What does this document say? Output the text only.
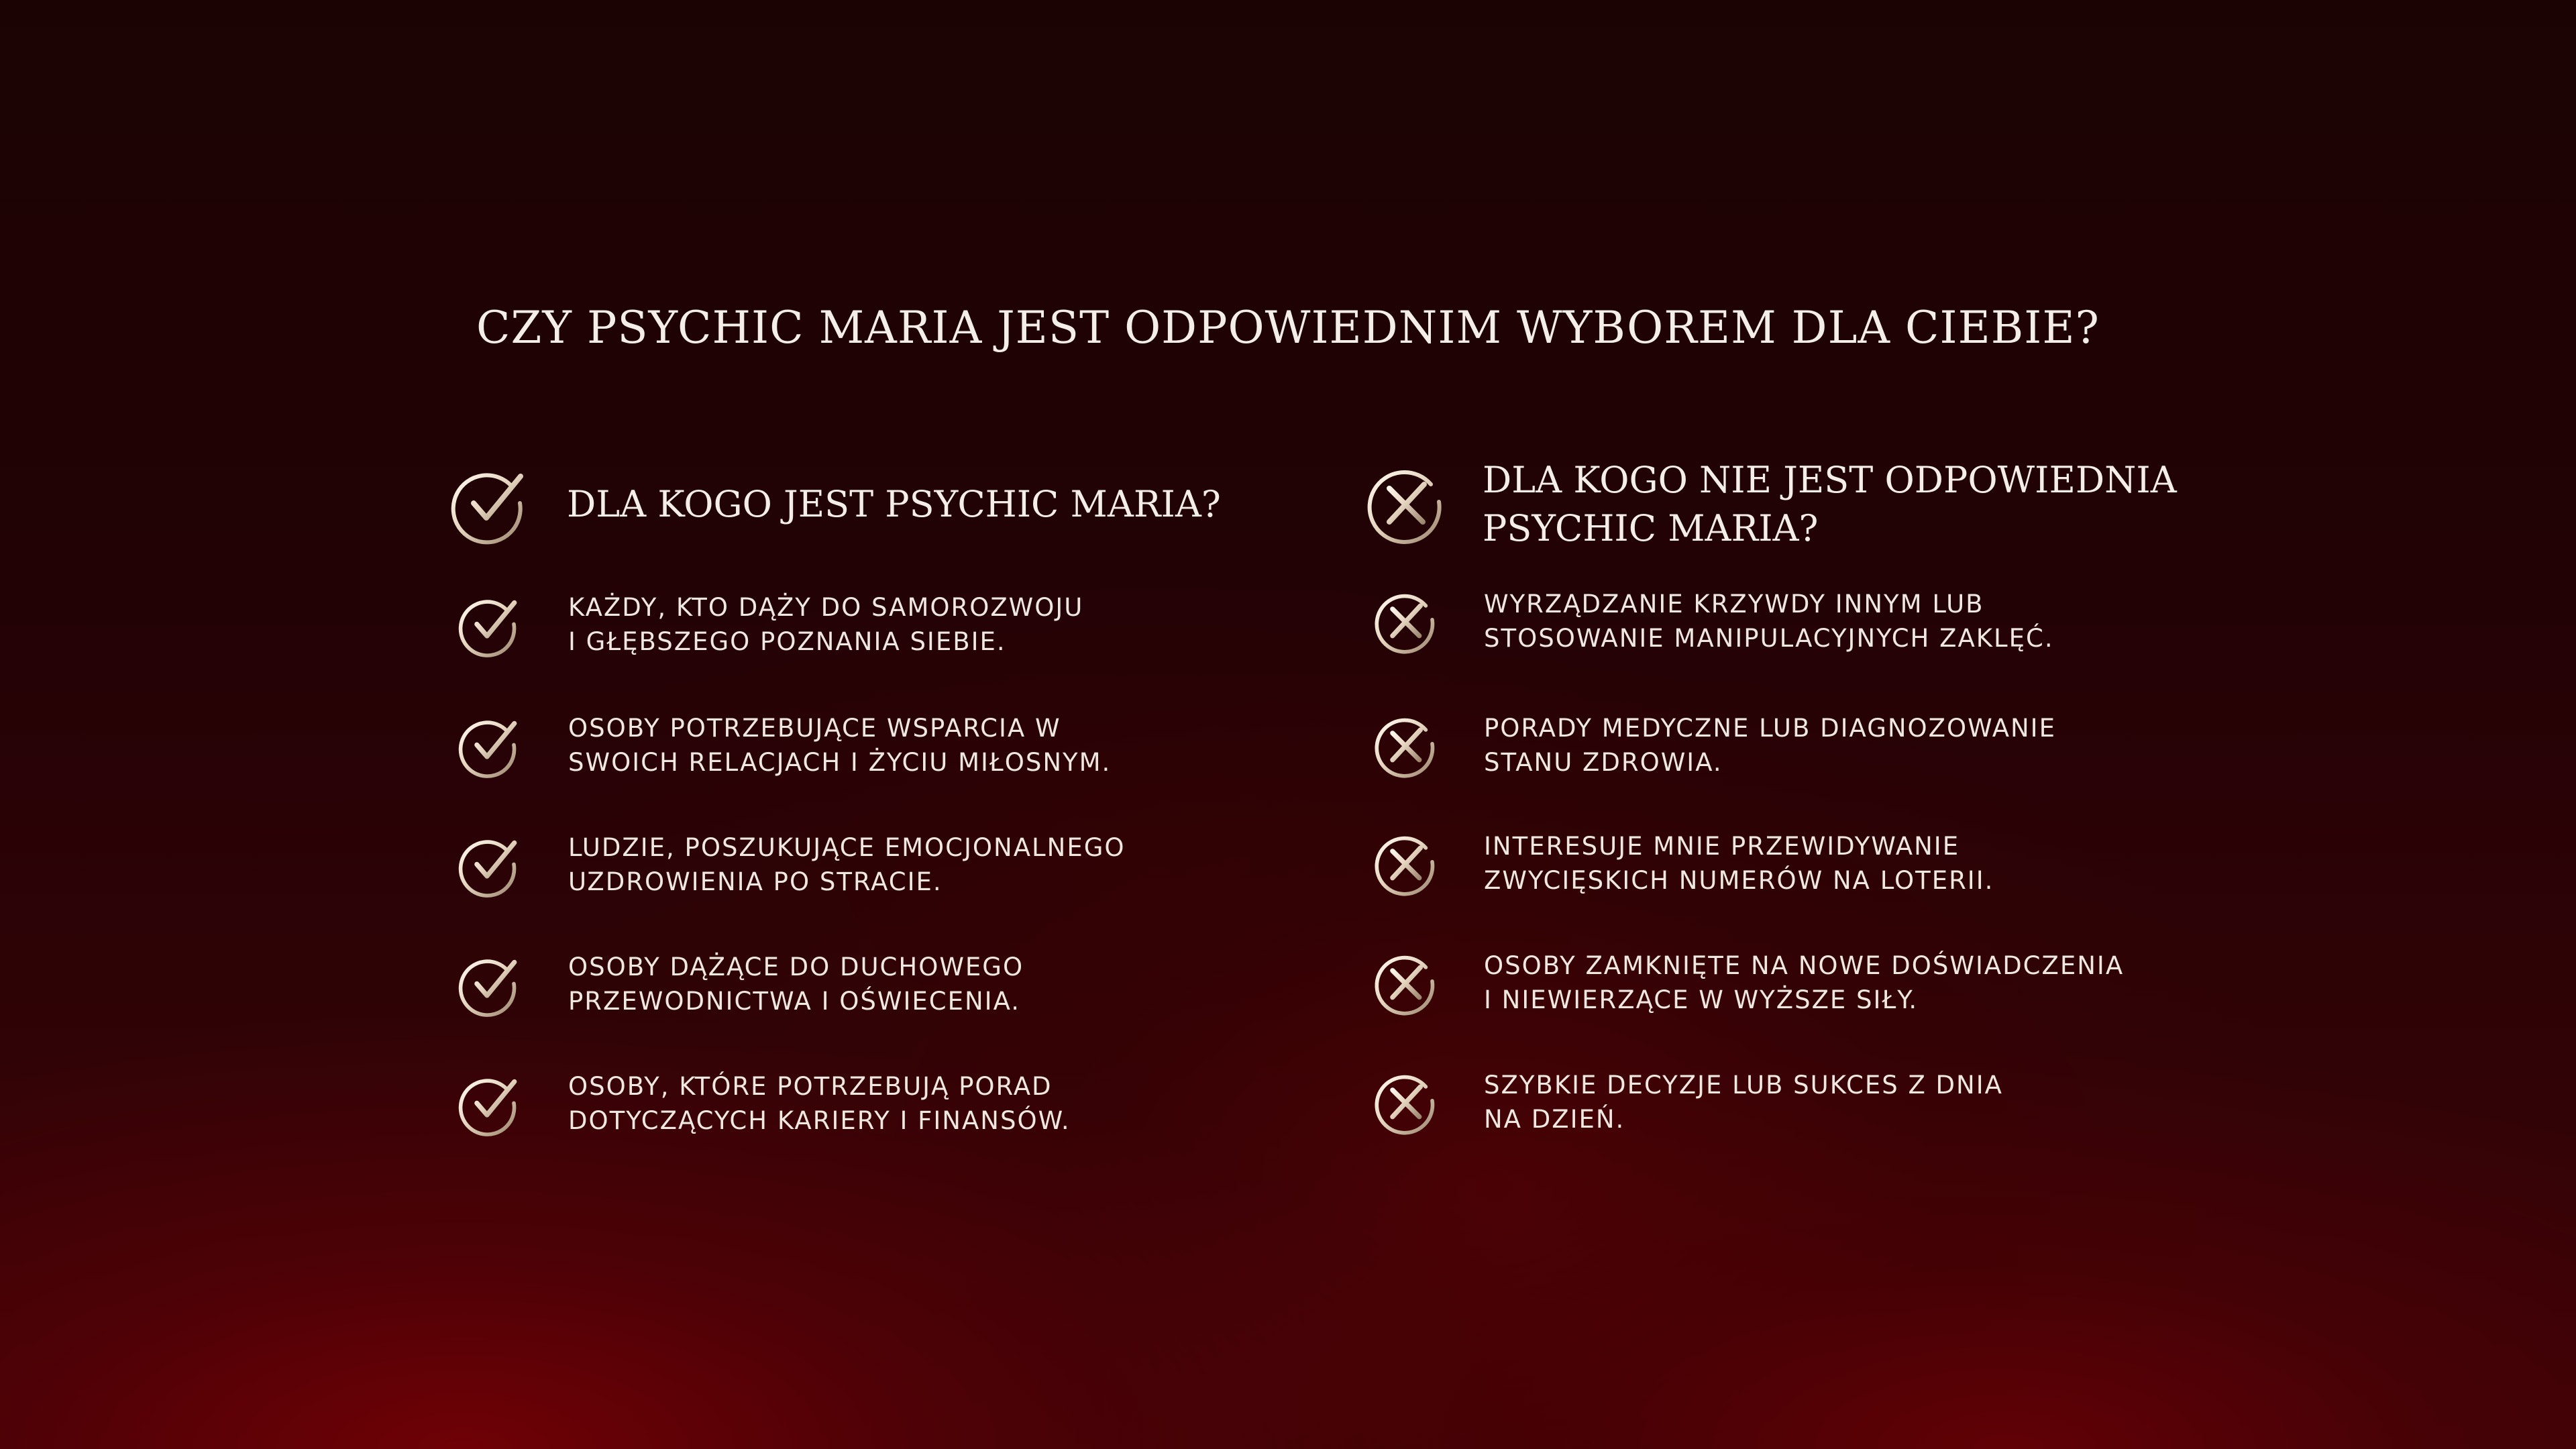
CZY PSYCHIC MARIA JEST ODPOWIEDNIM WYBOREM DLA CIEBIE?
DLA KOGO JEST PSYCHIC MARIA?
KAŻDY, KTO DĄŻY DO SAMOROZWOJU
I GŁĘBSZEGO POZNANIA SIEBIE.
OSOBY POTRZEBUJĄCE WSPARCIA W
SWOICH RELACJACH I ŻYCIU MIŁOSNYM.
LUDZIE, POSZUKUJĄCE EMOCJONALNEGO
UZDROWIENIA PO STRACIE.
OSOBY DĄŻĄCE DO DUCHOWEGO
PRZEWODNICTWA I OŚWIECENIA.
OSOBY, KTÓRE POTRZEBUJĄ PORAD
DOTYCZĄCYCH KARIERY I FINANSÓW.
DLA KOGO NIE JEST ODPOWIEDNIA PSYCHIC MARIA?
WYRZĄDZANIE KRZYWDY INNYM LUB
STOSOWANIE MANIPULACYJNYCH ZAKLĘĆ.
PORADY MEDYCZNE LUB DIAGNOZOWANIE
STANU ZDROWIA.
INTERESUJE MNIE PRZEWIDYWANIE
ZWYCIĘSKICH NUMERÓW NA LOTERII.
OSOBY ZAMKNIĘTE NA NOWE DOŚWIADCZENIA
I NIEWIERZĄCE W WYŻSZE SIŁY.
SZYBKIE DECYZJE LUB SUKCES Z DNIA
NA DZIEŃ.
